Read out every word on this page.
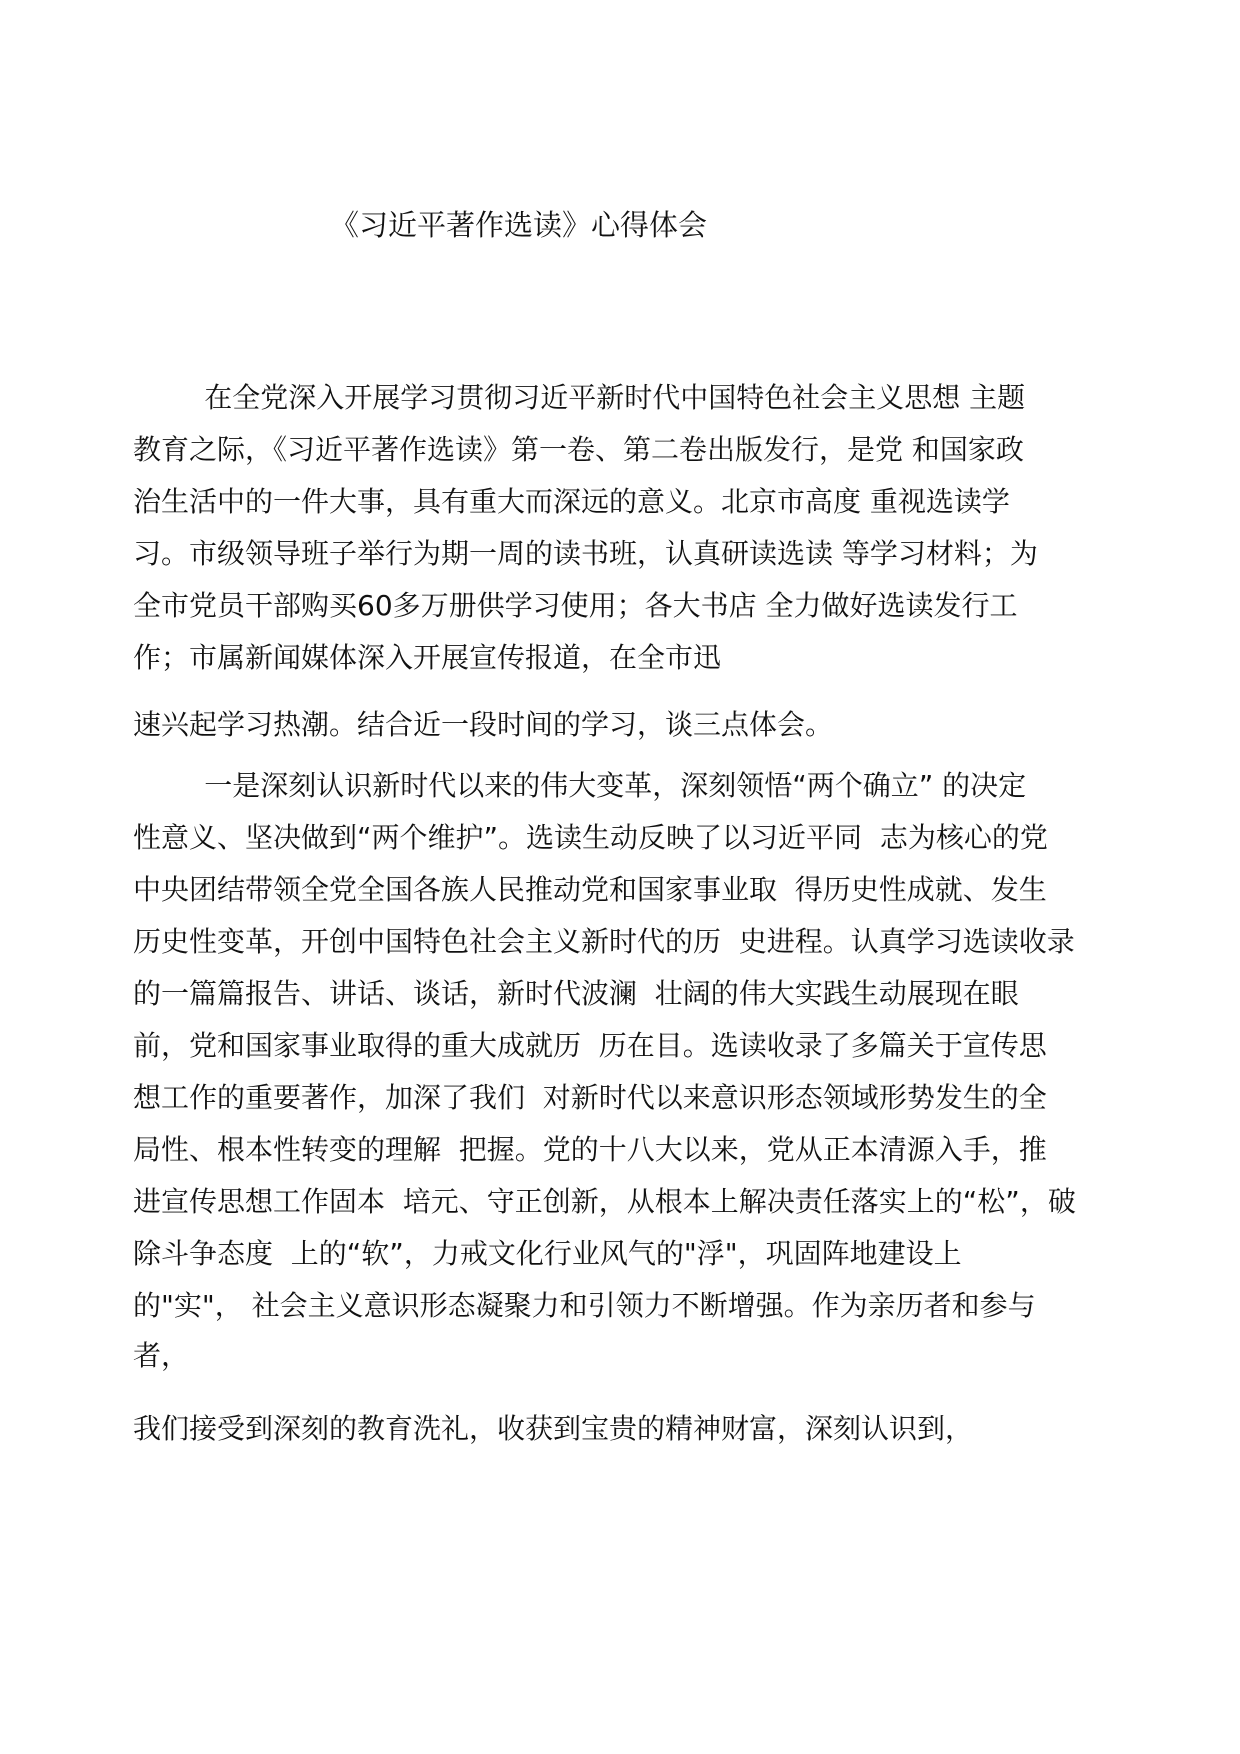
《习近平著作选读》心得体会
在全党深入开展学习贯彻习近平新时代中国特色社会主义思想 主题
教育之际，《习近平著作选读》第一卷、第二卷出版发行，是党 和国家政
治生活中的一件大事，具有重大而深远的意义。北京市高度 重视选读学
习。市级领导班子举行为期一周的读书班，认真研读选读 等学习材料；为
全市党员干部购买60多万册供学习使用；各大书店 全力做好选读发行工
作；市属新闻媒体深入开展宣传报道，在全市迅
速兴起学习热潮。结合近一段时间的学习，谈三点体会。
一是深刻认识新时代以来的伟大变革，深刻领悟“两个确立” 的决定
性意义、坚决做到“两个维护”。选读生动反映了以习近平同  志为核心的党
中央团结带领全党全国各族人民推动党和国家事业取  得历史性成就、发生
历史性变革，开创中国特色社会主义新时代的历  史进程。认真学习选读收录
的一篇篇报告、讲话、谈话，新时代波澜  壮阔的伟大实践生动展现在眼
前，党和国家事业取得的重大成就历  历在目。选读收录了多篇关于宣传思
想工作的重要著作，加深了我们  对新时代以来意识形态领域形势发生的全
局性、根本性转变的理解  把握。党的十八大以来，党从正本清源入手，推
进宣传思想工作固本  培元、守正创新，从根本上解决责任落实上的“松”，破
除斗争态度  上的“软”，力戒文化行业风气的"浮"，巩固阵地建设上
的"实"， 社会主义意识形态凝聚力和引领力不断增强。作为亲历者和参与
者，
我们接受到深刻的教育洗礼，收获到宝贵的精神财富，深刻认识到，
